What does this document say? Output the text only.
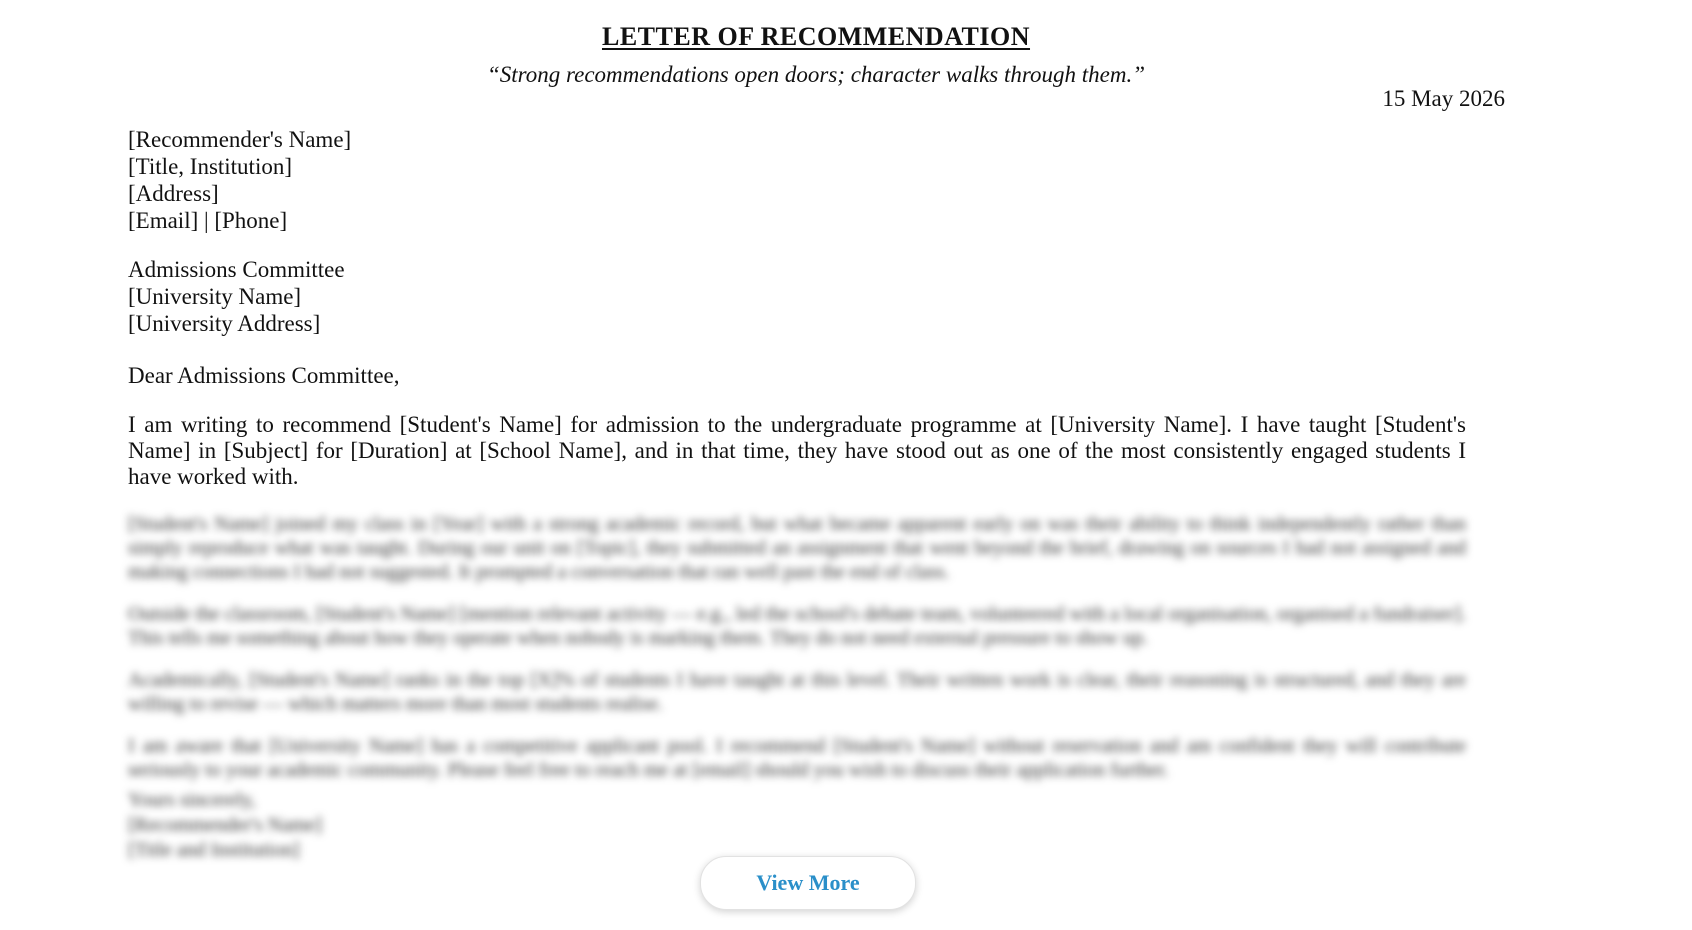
LETTER OF RECOMMENDATION
“Strong recommendations open doors; character walks through them.”
15 May 2026
[Recommender's Name]
[Title, Institution]
[Address]
[Email] | [Phone]
Admissions Committee
[University Name]
[University Address]
Dear Admissions Committee,
I am writing to recommend [Student's Name] for admission to the undergraduate programme at [University Name]. I have taught [Student's Name] in [Subject] for [Duration] at [School Name], and in that time, they have stood out as one of the most consistently engaged students I have worked with.

[Student's Name] joined my class in [Year] with a strong academic record, but what became apparent early on was their ability to think independently rather than simply reproduce what was taught. During our unit on [Topic], they submitted an assignment that went beyond the brief, drawing on sources I had not assigned and making connections I had not suggested. It prompted a conversation that ran well past the end of class.

Outside the classroom, [Student's Name] [mention relevant activity — e.g., led the school's debate team, volunteered with a local organisation, organised a fundraiser]. This tells me something about how they operate when nobody is marking them. They do not need external pressure to show up.

Academically, [Student's Name] ranks in the top [X]% of students I have taught at this level. Their written work is clear, their reasoning is structured, and they are willing to revise — which matters more than most students realise.

I am aware that [University Name] has a competitive applicant pool. I recommend [Student's Name] without reservation and am confident they will contribute seriously to your academic community. Please feel free to reach me at [email] should you wish to discuss their application further.

Yours sincerely,
[Recommender's Name]
[Title and Institution]
View More
